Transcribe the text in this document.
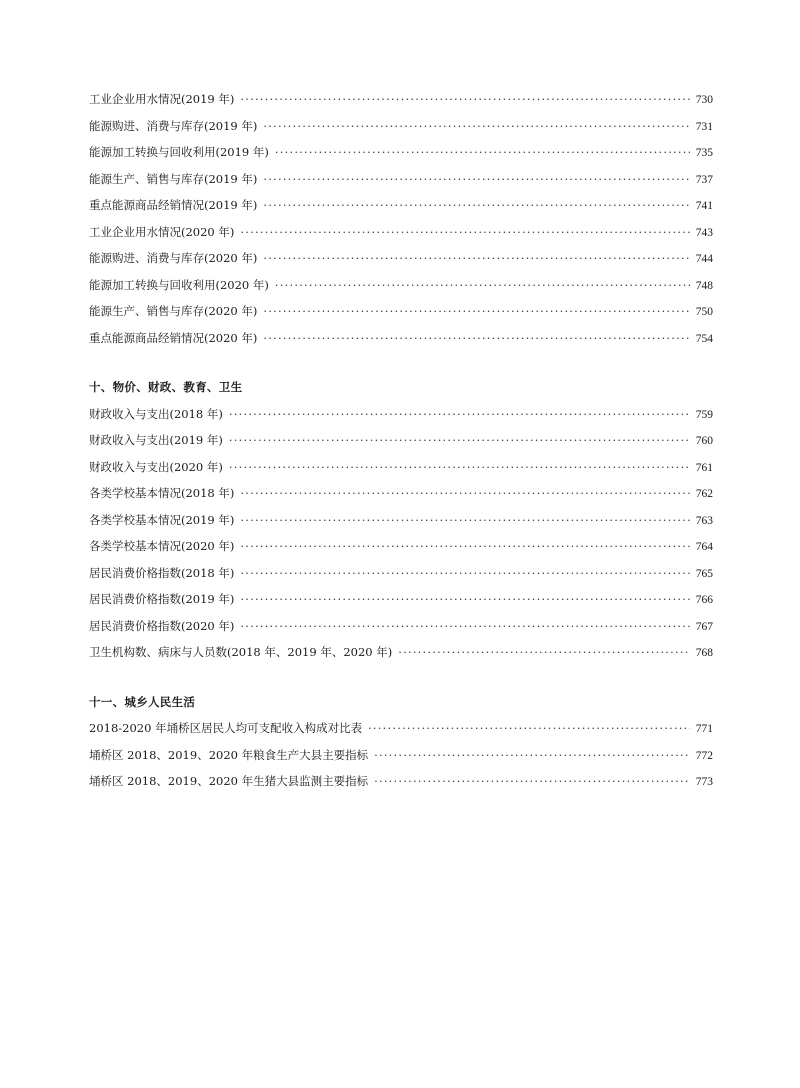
工业企业用水情况(2019 年) ·····	730
能源购进、消费与库存(2019 年) ·····	731
能源加工转换与回收利用(2019 年) ·····	735
能源生产、销售与库存(2019 年) ·····	737
重点能源商品经销情况(2019 年) ·····	741
工业企业用水情况(2020 年) ·····	743
能源购进、消费与库存(2020 年) ·····	744
能源加工转换与回收利用(2020 年) ·····	748
能源生产、销售与库存(2020 年) ·····	750
重点能源商品经销情况(2020 年) ·····	754
十、物价、财政、教育、卫生
财政收入与支出(2018 年) ·····	759
财政收入与支出(2019 年) ·····	760
财政收入与支出(2020 年) ·····	761
各类学校基本情况(2018 年) ·····	762
各类学校基本情况(2019 年) ·····	763
各类学校基本情况(2020 年) ·····	764
居民消费价格指数(2018 年) ·····	765
居民消费价格指数(2019 年) ·····	766
居民消费价格指数(2020 年) ·····	767
卫生机构数、病床与人员数(2018 年、2019 年、2020 年) ·····	768
十一、城乡人民生活
2018-2020 年埇桥区居民人均可支配收入构成对比表 ·····	771
埇桥区 2018、2019、2020 年粮食生产大县主要指标 ·····	772
埇桥区 2018、2019、2020 年生猪大县监测主要指标 ·····	773
